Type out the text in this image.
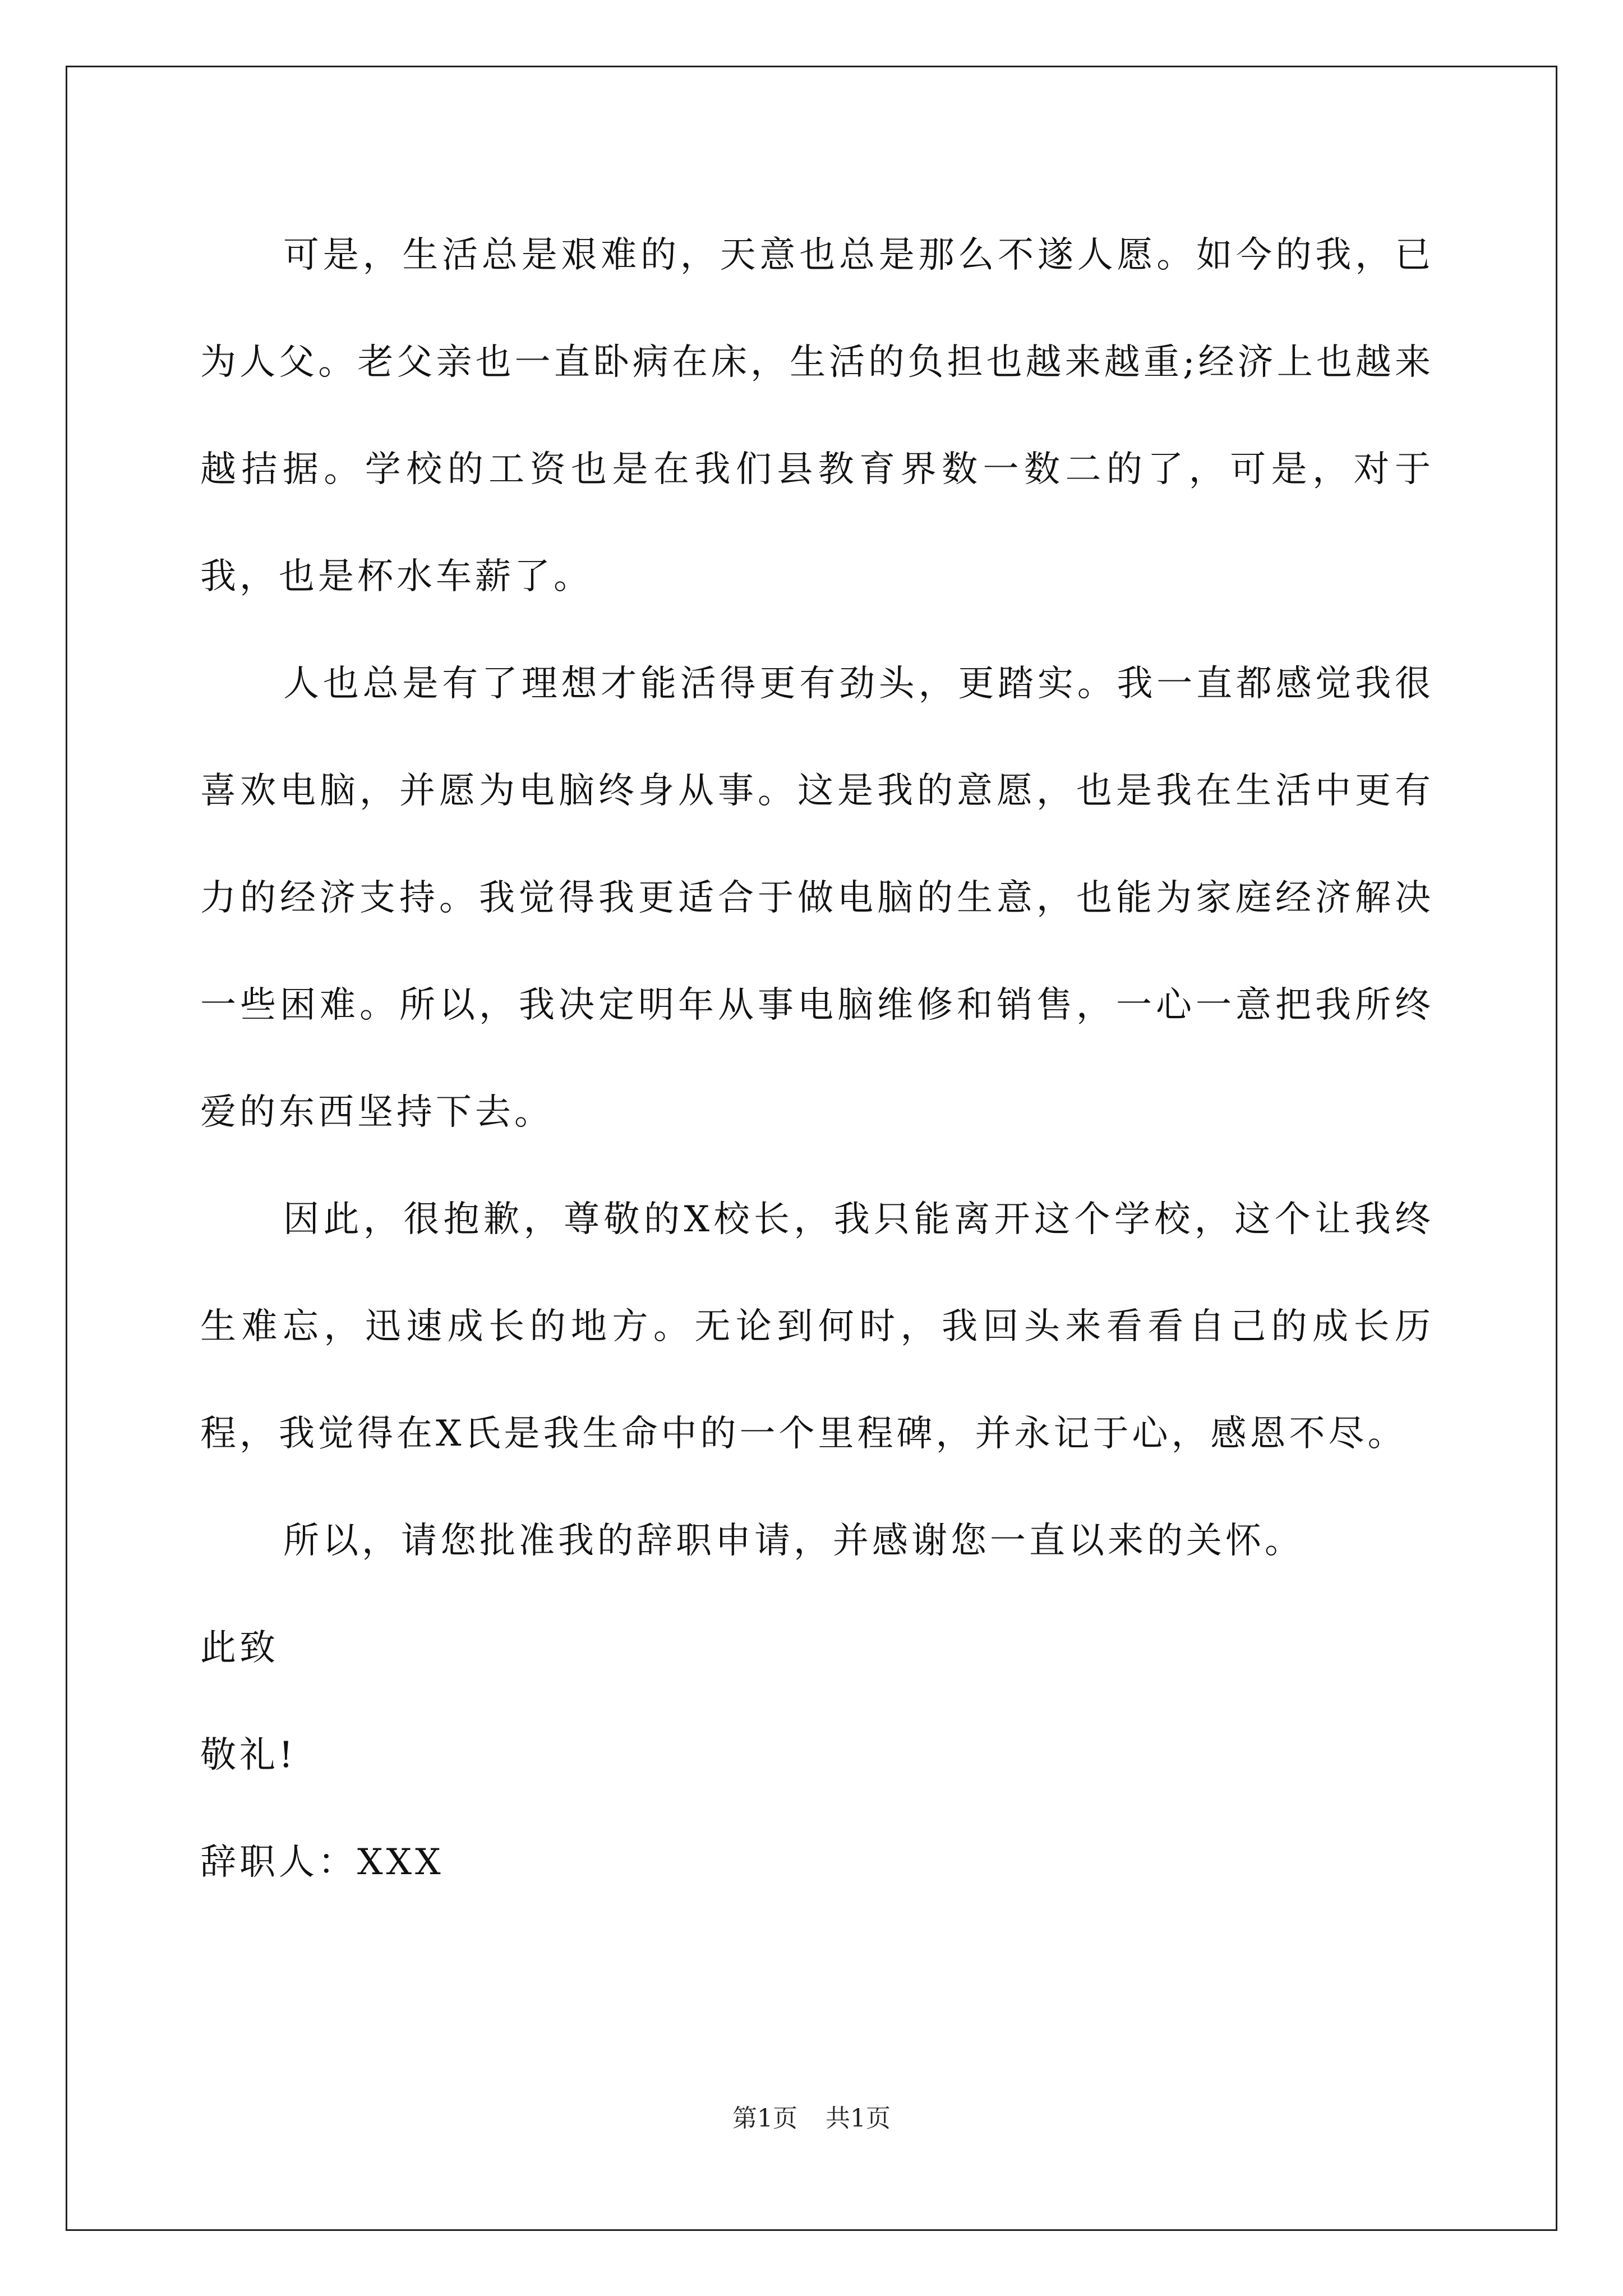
可是，生活总是艰难的，天意也总是那么不遂人愿。如今的我，已为人父。老父亲也一直卧病在床，生活的负担也越来越重;经济上也越来越拮据。学校的工资也是在我们县教育界数一数二的了，可是，对于我，也是杯水车薪了。

人也总是有了理想才能活得更有劲头，更踏实。我一直都感觉我很喜欢电脑，并愿为电脑终身从事。这是我的意愿，也是我在生活中更有力的经济支持。我觉得我更适合于做电脑的生意，也能为家庭经济解决一些困难。所以，我决定明年从事电脑维修和销售，一心一意把我所终爱的东西坚持下去。

因此，很抱歉，尊敬的X校长，我只能离开这个学校，这个让我终生难忘，迅速成长的地方。无论到何时，我回头来看看自己的成长历程，我觉得在X氏是我生命中的一个里程碑，并永记于心，感恩不尽。

所以，请您批准我的辞职申请，并感谢您一直以来的关怀。

此致

敬礼!

辞职人：XXX

第1页 共1页
